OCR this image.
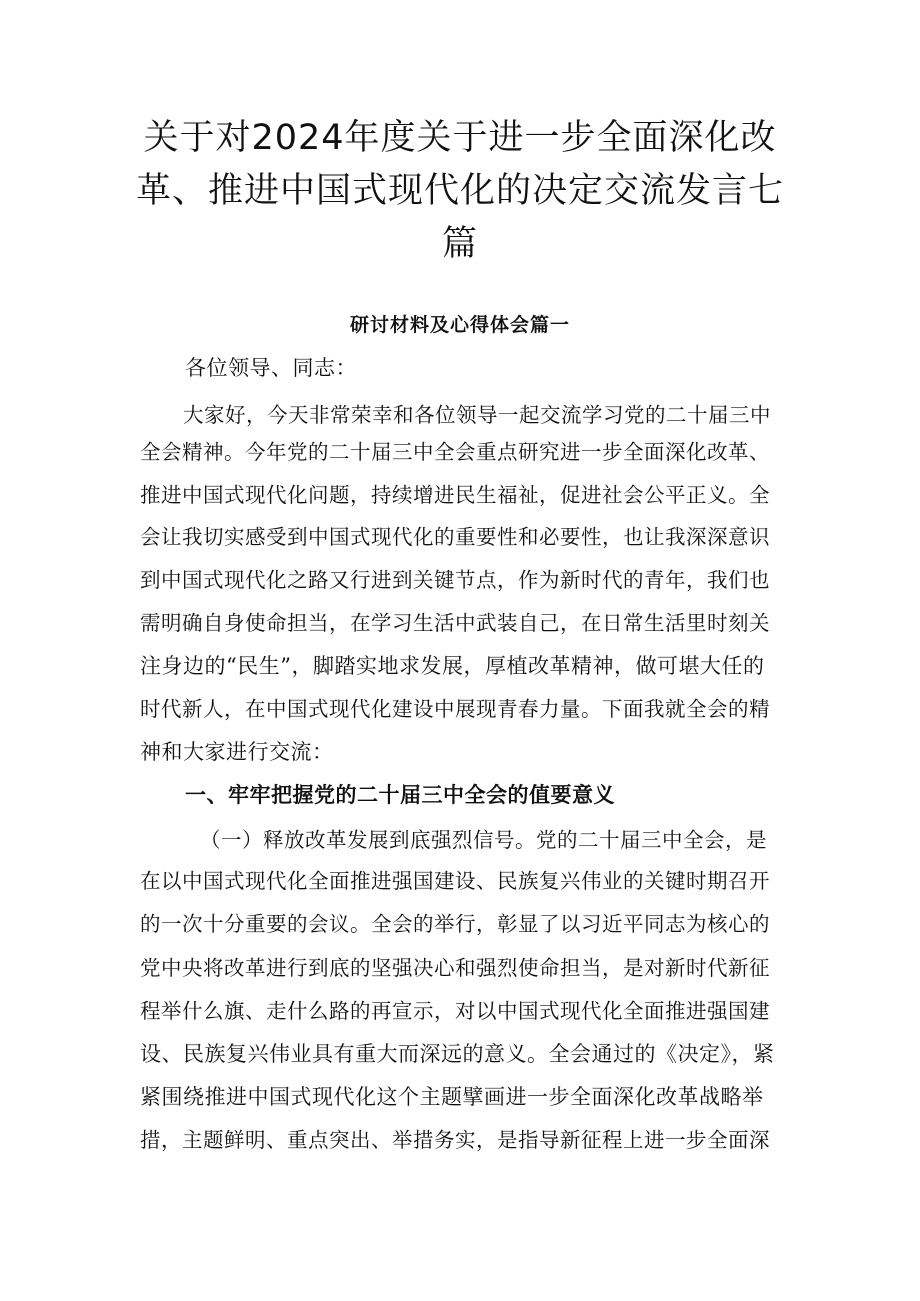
关于对2024年度关于进一步全面深化改
革、推进中国式现代化的决定交流发言七
篇

研讨材料及心得体会篇一

各位领导、同志：

大家好，今天非常荣幸和各位领导一起交流学习党的二十届三中

全会精神。今年党的二十届三中全会重点研究进一步全面深化改革、

推进中国式现代化问题，持续增进民生福祉，促进社会公平正义。全

会让我切实感受到中国式现代化的重要性和必要性，也让我深深意识

到中国式现代化之路又行进到关键节点，作为新时代的青年，我们也

需明确自身使命担当，在学习生活中武装自己，在日常生活里时刻关

注身边的“民生”，脚踏实地求发展，厚植改革精神，做可堪大任的

时代新人，在中国式现代化建设中展现青春力量。下面我就全会的精

神和大家进行交流：

一、牢牢把握党的二十届三中全会的值要意义

（一）释放改革发展到底强烈信号。党的二十届三中全会，是

在以中国式现代化全面推进强国建设、民族复兴伟业的关键时期召开

的一次十分重要的会议。全会的举行，彰显了以习近平同志为核心的

党中央将改革进行到底的坚强决心和强烈使命担当，是对新时代新征

程举什么旗、走什么路的再宣示，对以中国式现代化全面推进强国建

设、民族复兴伟业具有重大而深远的意义。全会通过的《决定》，紧

紧围绕推进中国式现代化这个主题擘画进一步全面深化改革战略举

措，主题鲜明、重点突出、举措务实，是指导新征程上进一步全面深
